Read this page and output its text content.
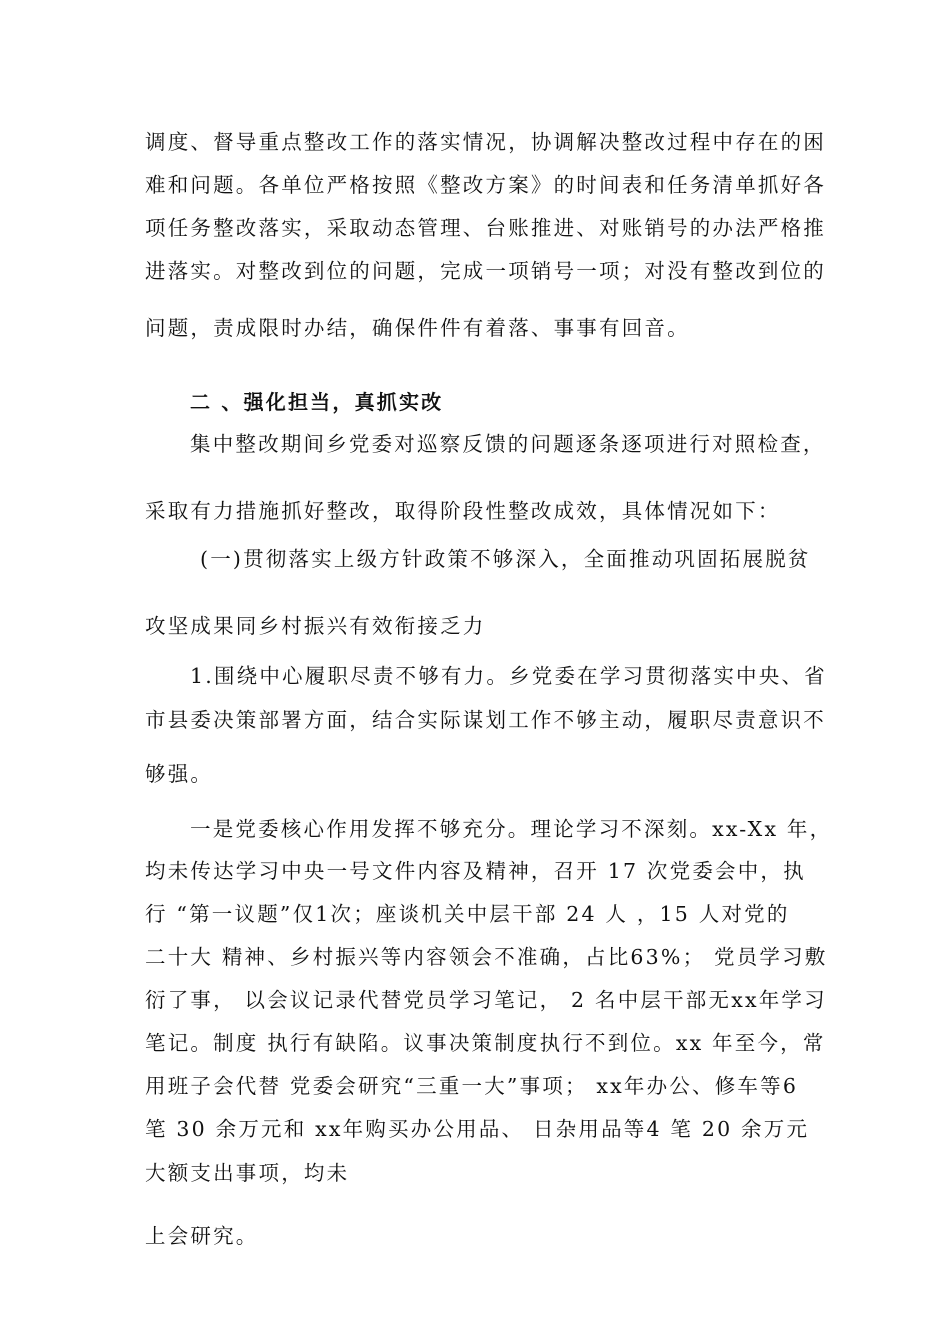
调度、督导重点整改工作的落实情况，协调解决整改过程中存在的困
难和问题。各单位严格按照《整改方案》的时间表和任务清单抓好各
项任务整改落实，采取动态管理、台账推进、对账销号的办法严格推
进落实。对整改到位的问题，完成一项销号一项；对没有整改到位的
问题，责成限时办结，确保件件有着落、事事有回音。
二 、强化担当，真抓实改
集中整改期间乡党委对巡察反馈的问题逐条逐项进行对照检查，
采取有力措施抓好整改，取得阶段性整改成效，具体情况如下：
(一)贯彻落实上级方针政策不够深入，全面推动巩固拓展脱贫
攻坚成果同乡村振兴有效衔接乏力
1.围绕中心履职尽责不够有力。乡党委在学习贯彻落实中央、省
市县委决策部署方面，结合实际谋划工作不够主动，履职尽责意识不
够强。
一是党委核心作用发挥不够充分。理论学习不深刻。xx-Xx 年，
均未传达学习中央一号文件内容及精神，召开 17 次党委会中，执
行 “第一议题”仅1次；座谈机关中层干部 24 人 ，15 人对党的
二十大 精神、乡村振兴等内容领会不准确，占比63%； 党员学习敷
衍了事， 以会议记录代替党员学习笔记， 2 名中层干部无xx年学习
笔记。制度 执行有缺陷。议事决策制度执行不到位。xx 年至今，常
用班子会代替 党委会研究“三重一大”事项； xx年办公、修车等6
笔 30 余万元和 xx年购买办公用品、 日杂用品等4 笔 20 余万元
大额支出事项，均未
上会研究。
